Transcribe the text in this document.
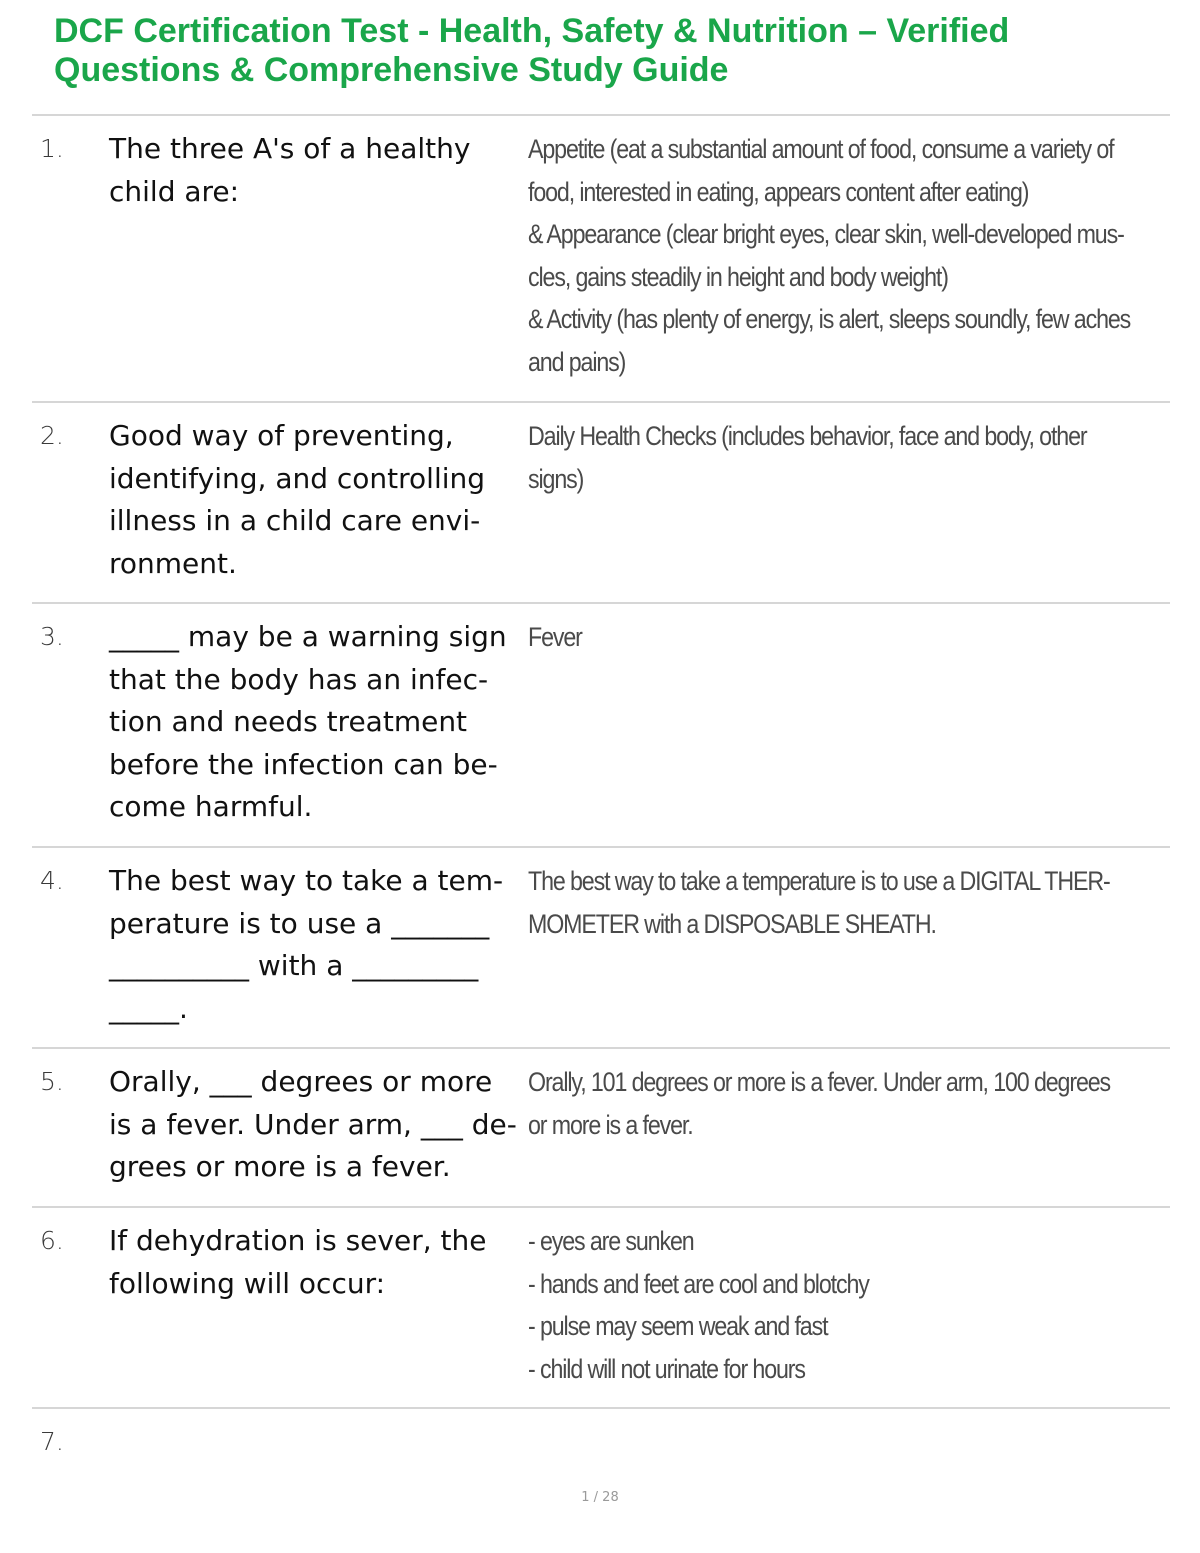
DCF Certification Test - Health, Safety & Nutrition – Verified Questions & Comprehensive Study Guide
1. The three A's of a healthy
child are:
Appetite (eat a substantial amount of food, consume a variety of
food, interested in eating, appears content after eating)
& Appearance (clear bright eyes, clear skin, well-developed mus-
cles, gains steadily in height and body weight)
& Activity (has plenty of energy, is alert, sleeps soundly, few aches
and pains)
2. Good way of preventing,
identifying, and controlling
illness in a child care envi-
ronment.
Daily Health Checks (includes behavior, face and body, other
signs)
3. _____ may be a warning sign
that the body has an infec-
tion and needs treatment
before the infection can be-
come harmful.
Fever
4. The best way to take a tem-
perature is to use a _______
__________ with a _________
_____.
The best way to take a temperature is to use a DIGITAL THER-
MOMETER with a DISPOSABLE SHEATH.
5. Orally, ___ degrees or more
is a fever. Under arm, ___ de-
grees or more is a fever.
Orally, 101 degrees or more is a fever. Under arm, 100 degrees
or more is a fever.
6. If dehydration is sever, the
following will occur:
- eyes are sunken
- hands and feet are cool and blotchy
- pulse may seem weak and fast
- child will not urinate for hours
7.
1 / 28
